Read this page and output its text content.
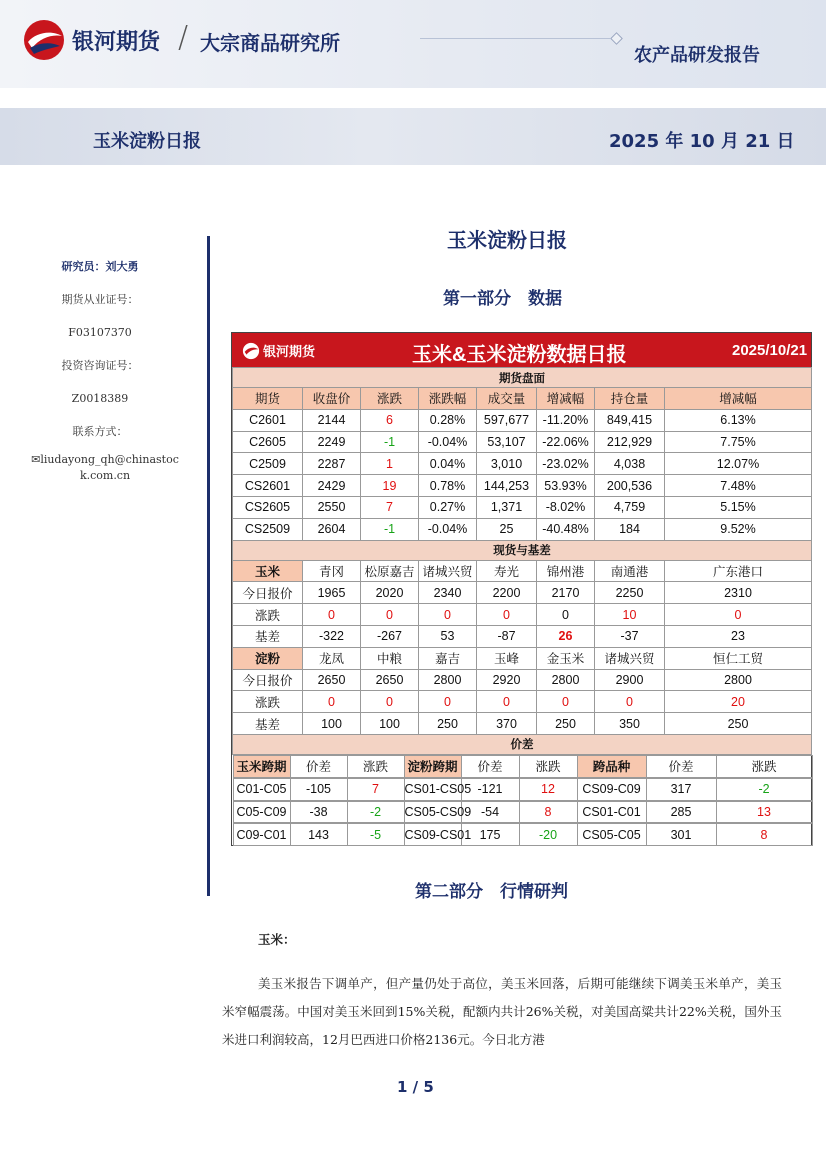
银河期货 / 大宗商品研究所
农产品研发报告
玉米淀粉日报	2025 年 10 月 21 日
研究员：刘大勇
期货从业证号：
F03107370
投资咨询证号：
Z0018389
联系方式：
✉liudayong_qh@chinastock.com.cn
玉米淀粉日报
第一部分　数据
银河期货	玉米&玉米淀粉数据日报	2025/10/21
期货盘面
期货	收盘价	涨跌	涨跌幅	成交量	增减幅	持仓量	增减幅
C2601	2144	6	0.28%	597,677	-11.20%	849,415	6.13%
C2605	2249	-1	-0.04%	53,107	-22.06%	212,929	7.75%
C2509	2287	1	0.04%	3,010	-23.02%	4,038	12.07%
CS2601	2429	19	0.78%	144,253	53.93%	200,536	7.48%
CS2605	2550	7	0.27%	1,371	-8.02%	4,759	5.15%
CS2509	2604	-1	-0.04%	25	-40.48%	184	9.52%
现货与基差
玉米	青冈	松原嘉吉	诸城兴贸	寿光	锦州港	南通港	广东港口
今日报价	1965	2020	2340	2200	2170	2250	2310
涨跌	0	0	0	0	0	10	0
基差	-322	-267	53	-87	26	-37	23
淀粉	龙凤	中粮	嘉吉	玉峰	金玉米	诸城兴贸	恒仁工贸
今日报价	2650	2650	2800	2920	2800	2900	2800
涨跌	0	0	0	0	0	0	20
基差	100	100	250	370	250	350	250
价差

玉米跨期	价差	涨跌	淀粉跨期	价差	涨跌	跨品种	价差	涨跌

C01-C05	-105	7	CS01-CS05	-121	12	CS09-C09	317	-2

C05-C09	-38	-2	CS05-CS09	-54	8	CS01-C01	285	13

C09-C01	143	-5	CS09-CS01	175	-20	CS05-C05	301	8
第二部分　行情研判
玉米：

美玉米报告下调单产，但产量仍处于高位，美玉米回落，后期可能继续下调美玉米单产，美玉米窄幅震荡。中国对美玉米回到15%关税，配额内共计26%关税，对美国高粱共计22%关税，国外玉米进口利润较高，12月巴西进口价格2136元。今日北方港

1 / 5
